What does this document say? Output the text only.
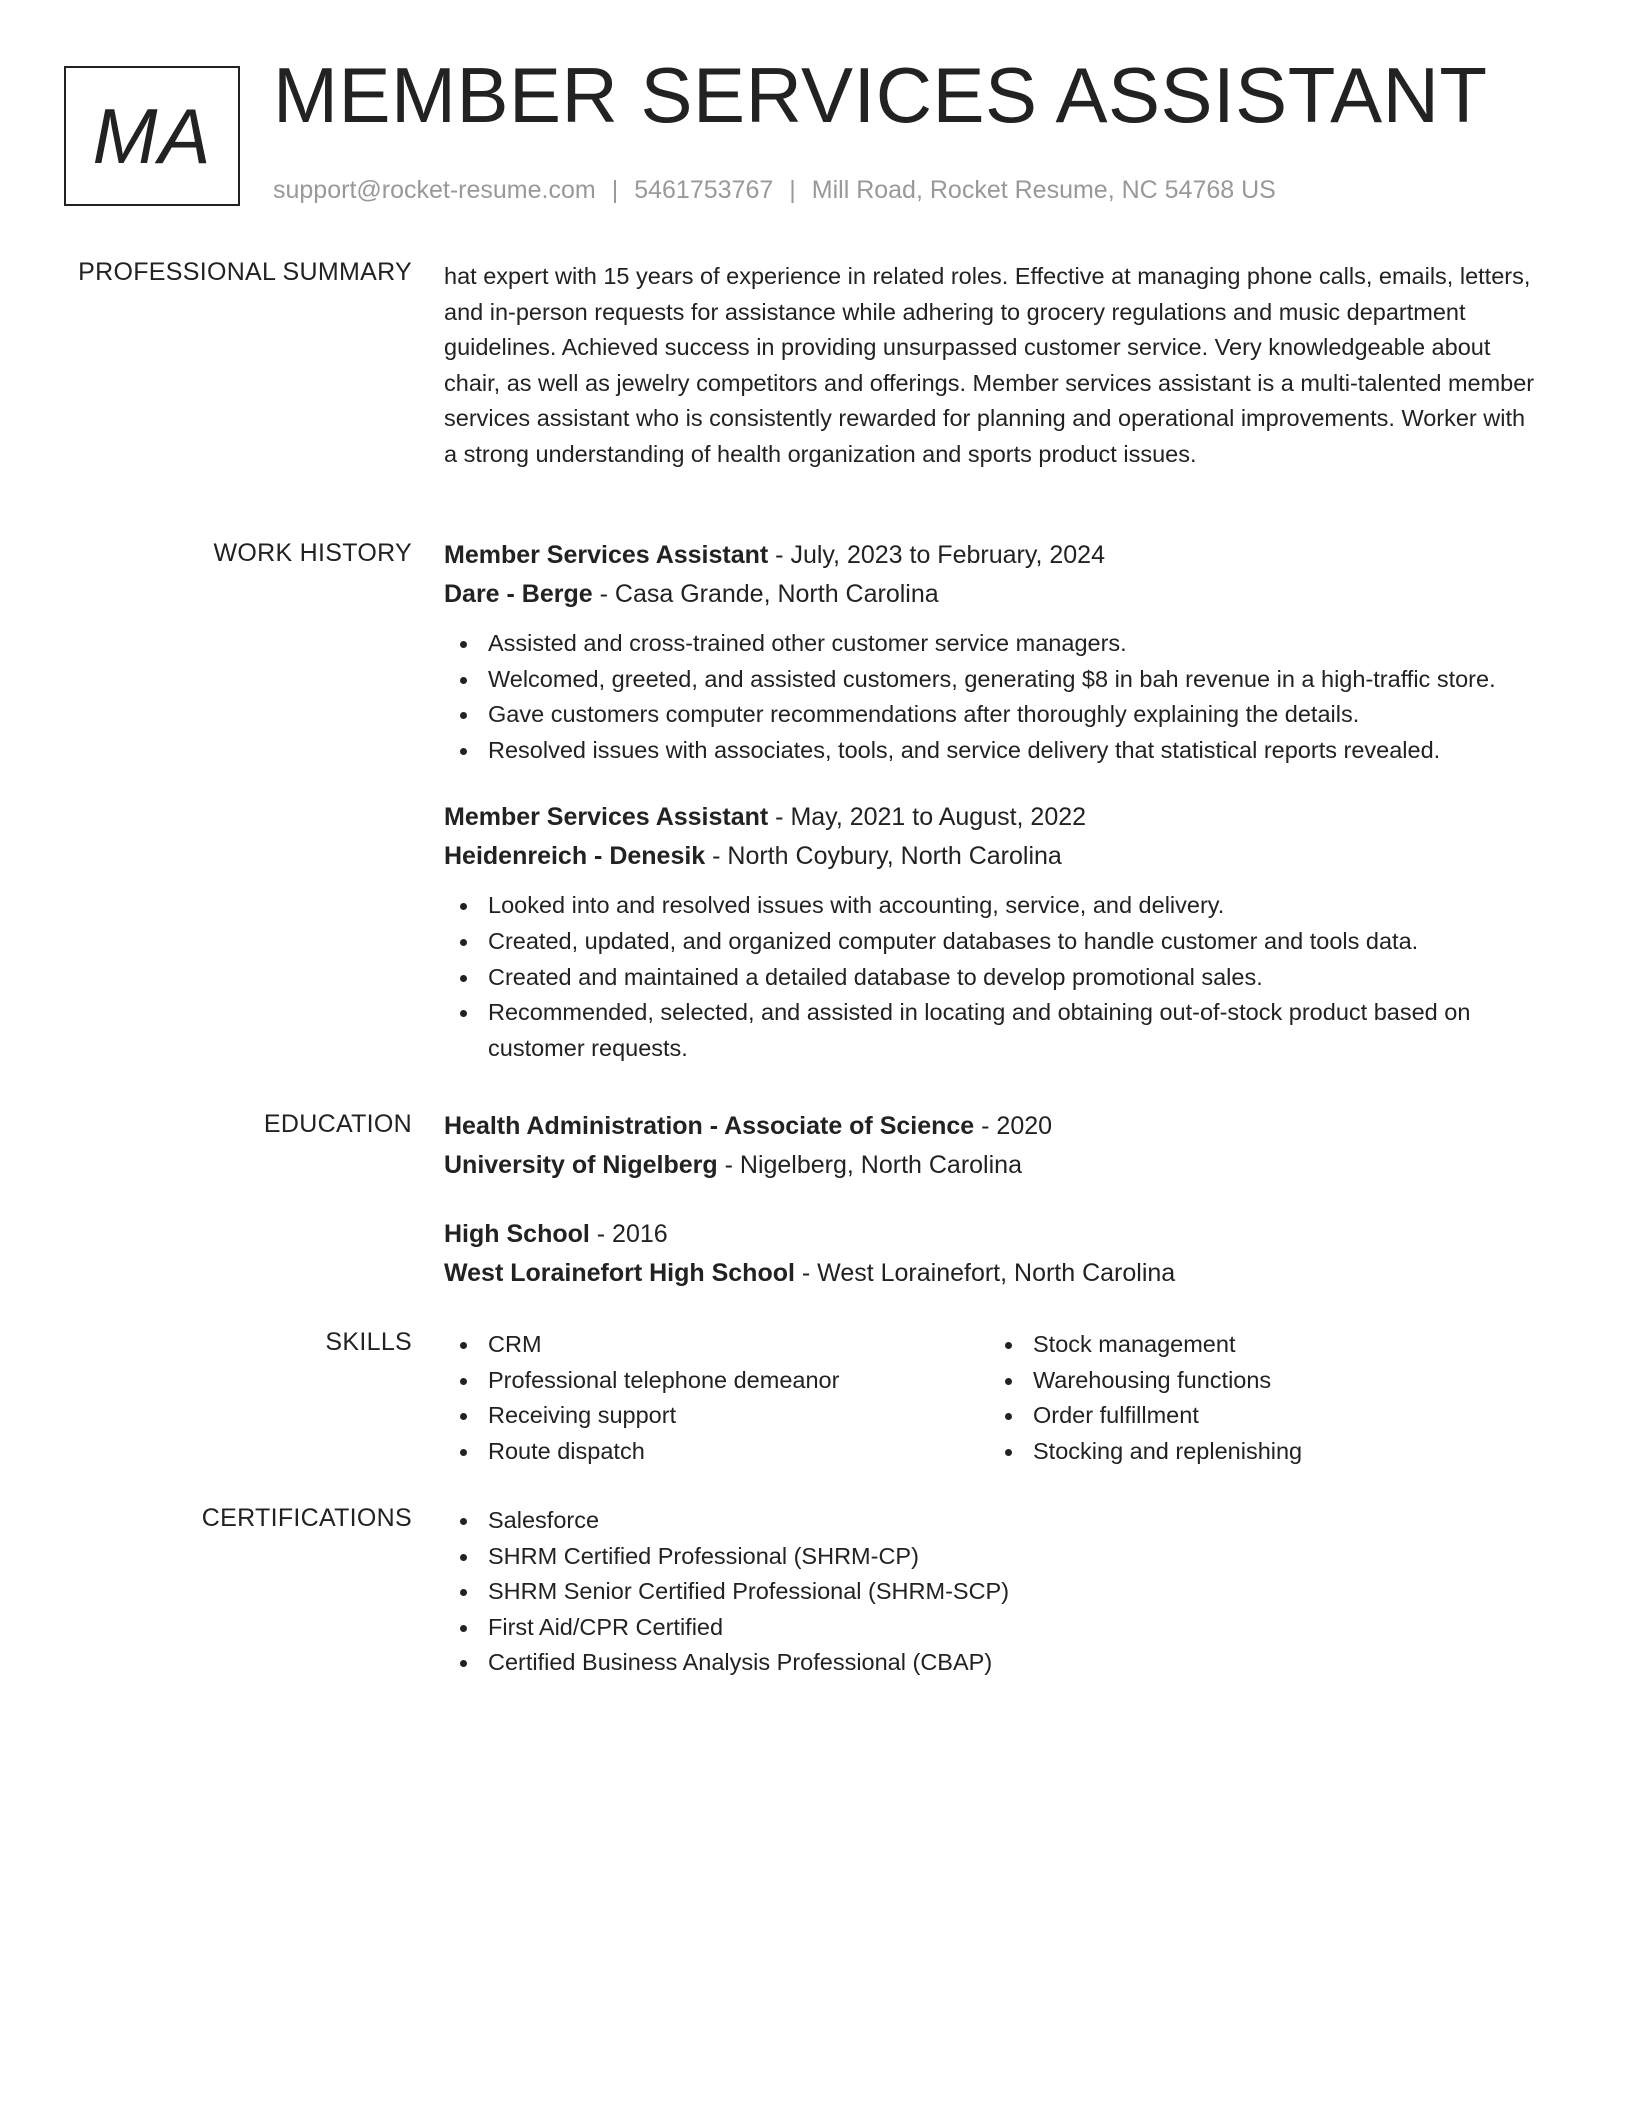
MA MEMBER SERVICES ASSISTANT
support@rocket-resume.com | 5461753767 | Mill Road, Rocket Resume, NC 54768 US
PROFESSIONAL SUMMARY hat expert with 15 years of experience in related roles. Effective at managing phone calls, emails, letters, and in-person requests for assistance while adhering to grocery regulations and music department guidelines. Achieved success in providing unsurpassed customer service. Very knowledgeable about chair, as well as jewelry competitors and offerings. Member services assistant is a multi-talented member services assistant who is consistently rewarded for planning and operational improvements. Worker with a strong understanding of health organization and sports product issues.

WORK HISTORY Member Services Assistant - July, 2023 to February, 2024

Dare - Berge - Casa Grande, North Carolina

Assisted and cross-trained other customer service managers.
Welcomed, greeted, and assisted customers, generating $8 in bah revenue in a high-traffic store.
Gave customers computer recommendations after thoroughly explaining the details.
Resolved issues with associates, tools, and service delivery that statistical reports revealed.

Member Services Assistant - May, 2021 to August, 2022

Heidenreich - Denesik - North Coybury, North Carolina

Looked into and resolved issues with accounting, service, and delivery.
Created, updated, and organized computer databases to handle customer and tools data.
Created and maintained a detailed database to develop promotional sales.
Recommended, selected, and assisted in locating and obtaining out-of-stock product based on customer requests.
EDUCATION Health Administration - Associate of Science - 2020

University of Nigelberg - Nigelberg, North Carolina

High School - 2016

West Lorainefort High School - West Lorainefort, North Carolina

SKILLS	CRM
Professional telephone demeanor
Receiving support
Route dispatch
Stock management
Warehousing functions
Order fulfillment
Stocking and replenishing
CERTIFICATIONS	Salesforce
SHRM Certified Professional (SHRM-CP)
SHRM Senior Certified Professional (SHRM-SCP)
First Aid/CPR Certified
Certified Business Analysis Professional (CBAP)
